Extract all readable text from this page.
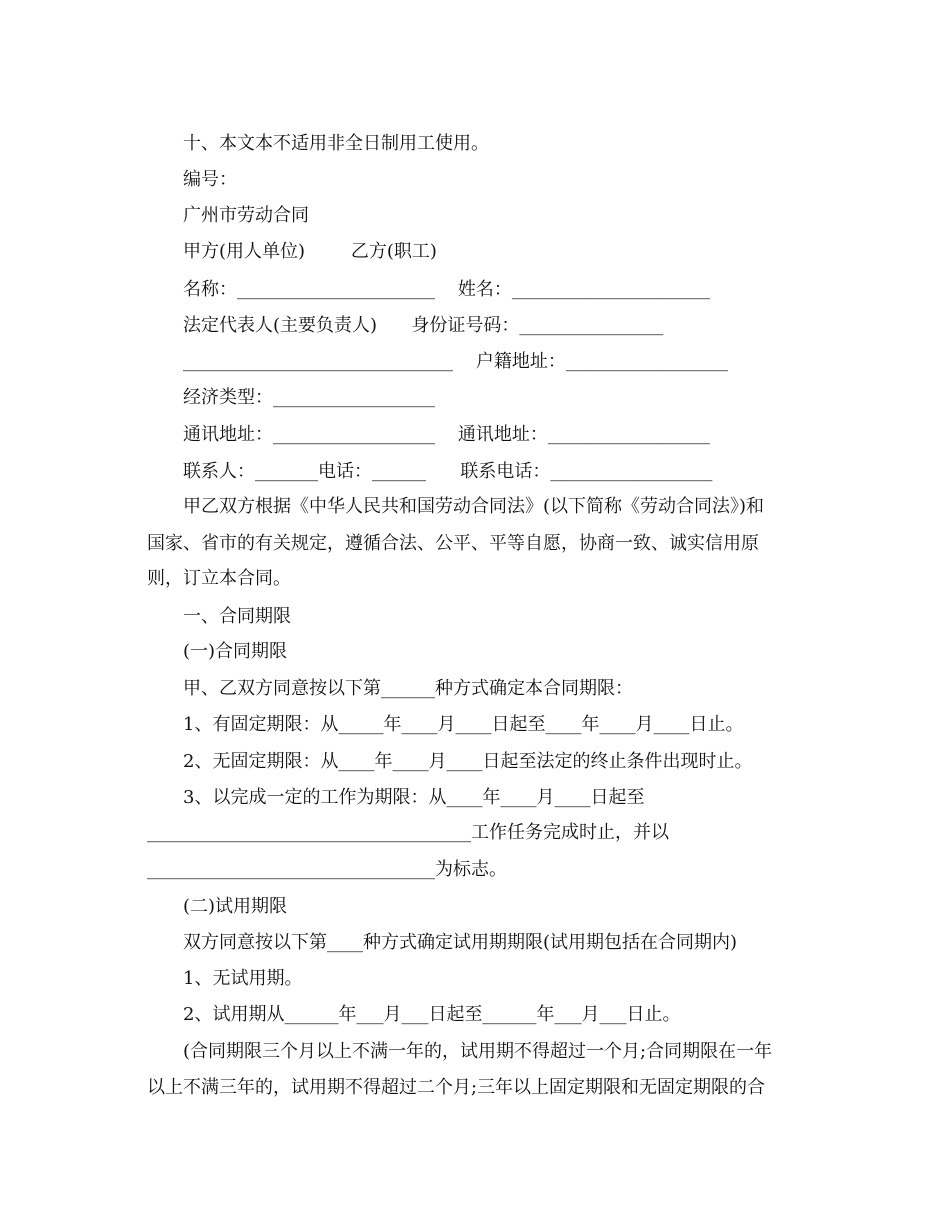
十、本文本不适用非全日制用工使用。
编号：
广州市劳动合同
甲方(用人单位)        乙方(职工)
名称：______________________    姓名：______________________
法定代表人(主要负责人)      身份证号码：________________
______________________________    户籍地址：__________________
经济类型：__________________
通讯地址：__________________    通讯地址：__________________
联系人：_______电话：______      联系电话：__________________
甲乙双方根据《中华人民共和国劳动合同法》(以下简称《劳动合同法》)和
国家、省市的有关规定，遵循合法、公平、平等自愿，协商一致、诚实信用原
则，订立本合同。
一、合同期限
(一)合同期限
甲、乙双方同意按以下第______种方式确定本合同期限：
1、有固定期限：从_____年____月____日起至____年____月____日止。
2、无固定期限：从____年____月____日起至法定的终止条件出现时止。
3、以完成一定的工作为期限：从____年____月____日起至
____________________________________工作任务完成时止，并以
________________________________为标志。
(二)试用期限
双方同意按以下第____种方式确定试用期期限(试用期包括在合同期内)
1、无试用期。
2、试用期从______年___月___日起至______年___月___日止。
(合同期限三个月以上不满一年的，试用期不得超过一个月;合同期限在一年
以上不满三年的，试用期不得超过二个月;三年以上固定期限和无固定期限的合
